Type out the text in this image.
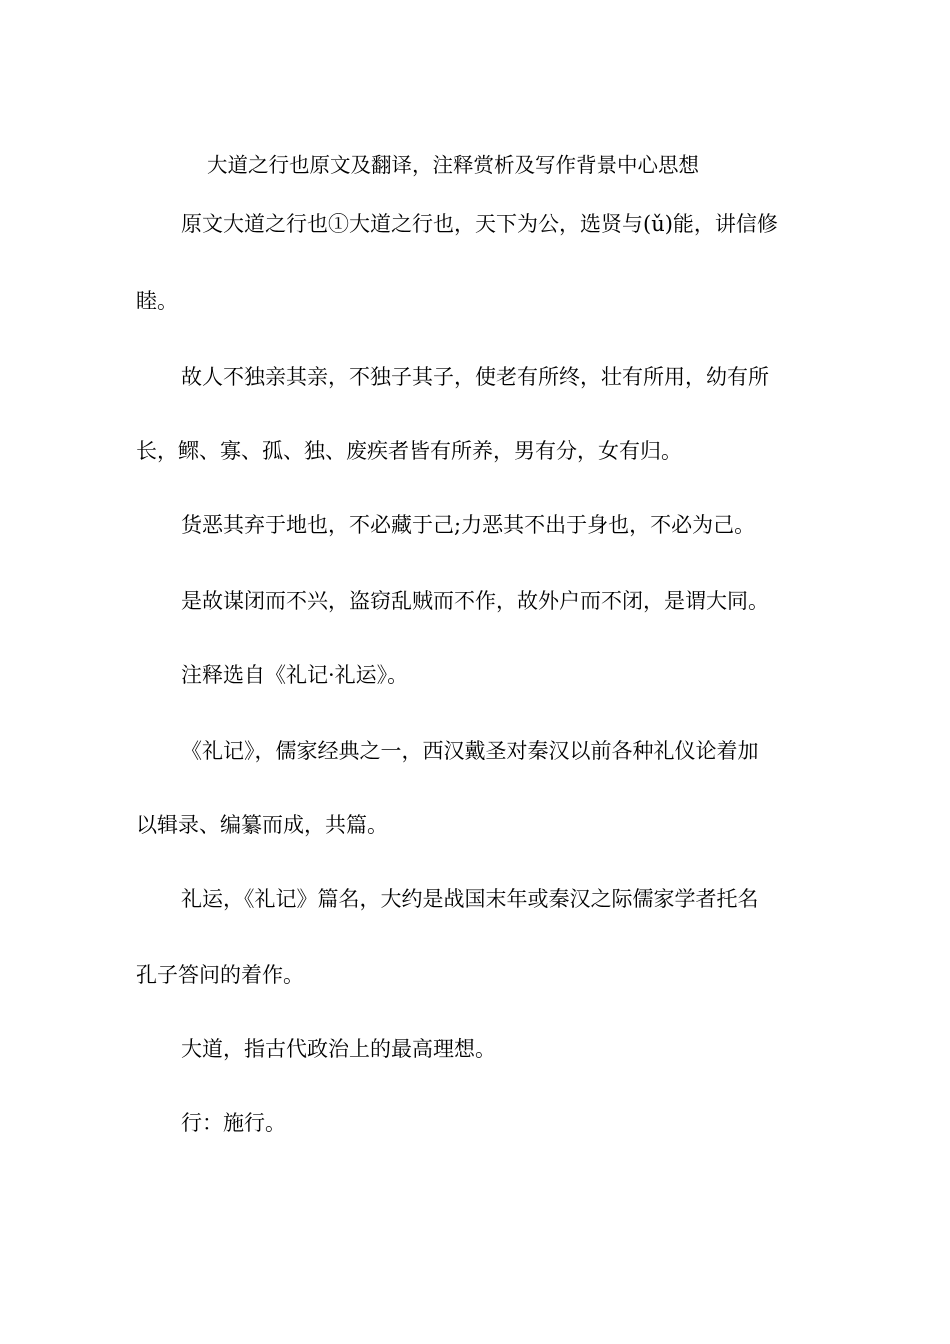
大道之行也原文及翻译，注释赏析及写作背景中心思想
原文大道之行也①大道之行也，天下为公，选贤与(ǔ)能，讲信修
睦。
故人不独亲其亲，不独子其子，使老有所终，壮有所用，幼有所
长，鳏、寡、孤、独、废疾者皆有所养，男有分，女有归。
货恶其弃于地也，不必藏于己;力恶其不出于身也，不必为己。
是故谋闭而不兴，盗窃乱贼而不作，故外户而不闭，是谓大同。
注释选自《礼记·礼运》。
《礼记》，儒家经典之一，西汉戴圣对秦汉以前各种礼仪论着加
以辑录、编纂而成，共篇。
礼运，《礼记》篇名，大约是战国末年或秦汉之际儒家学者托名
孔子答问的着作。
大道，指古代政治上的最高理想。
行：施行。
